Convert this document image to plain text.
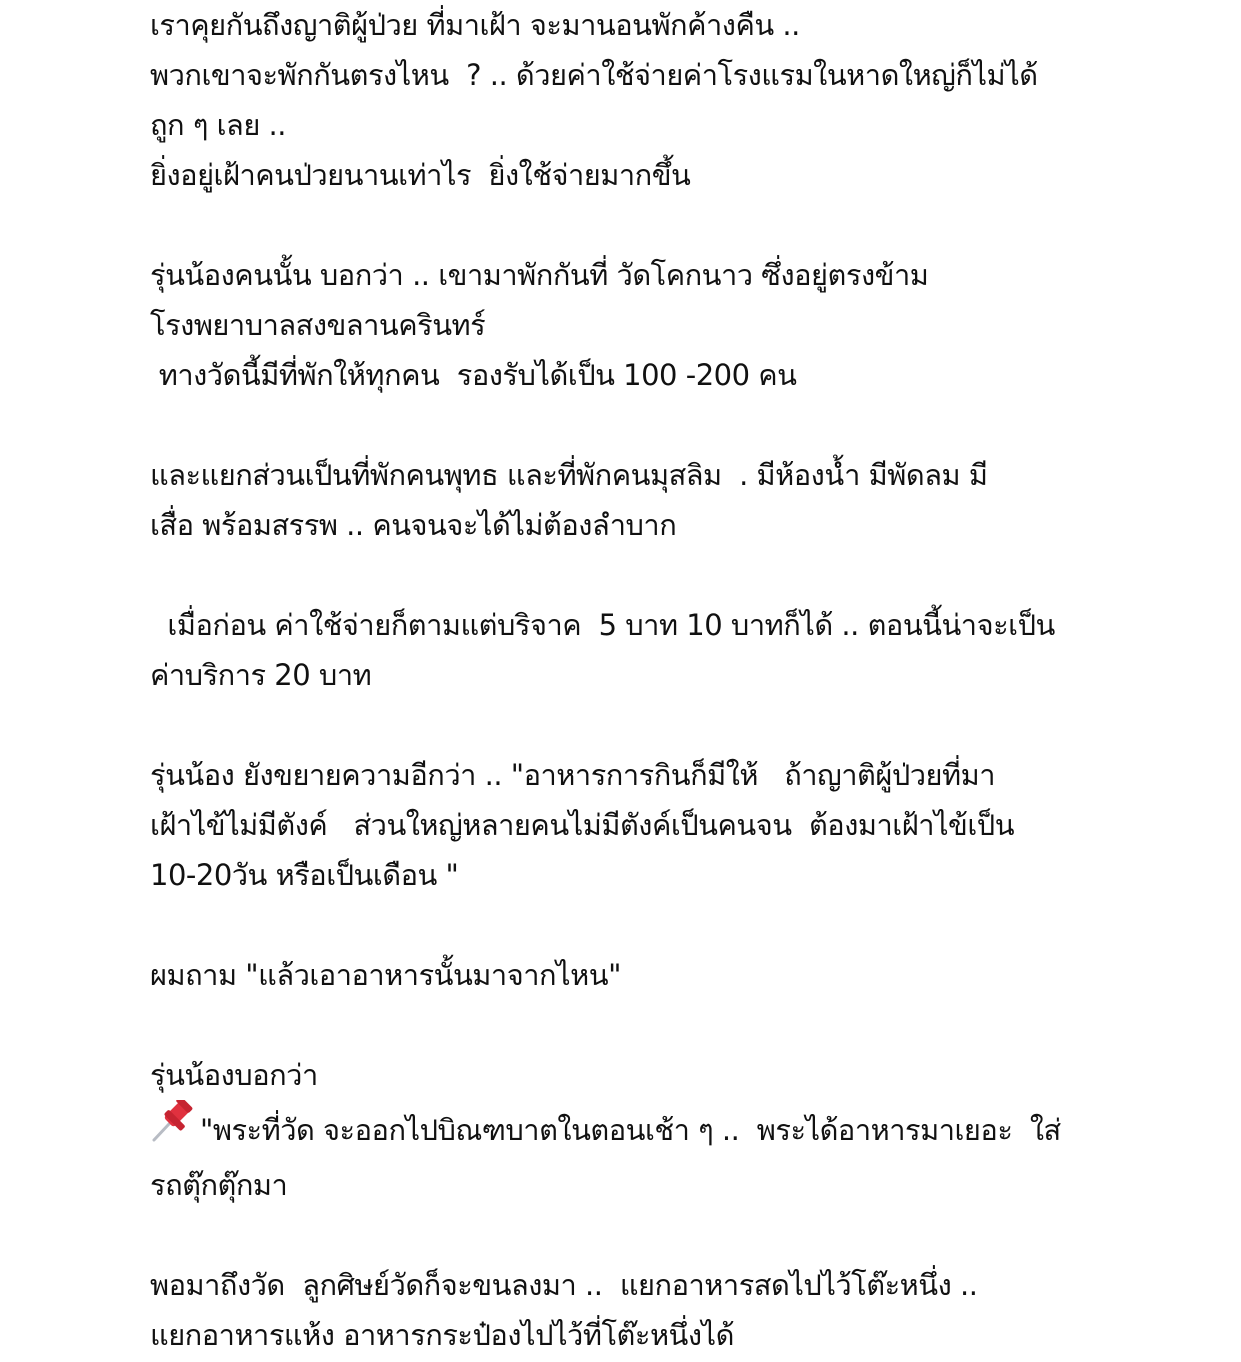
เราคุยกันถึงญาติผู้ป่วย ที่มาเฝ้า จะมานอนพักค้างคืน ..
พวกเขาจะพักกันตรงไหน  ? .. ด้วยค่าใช้จ่ายค่าโรงแรมในหาดใหญ่ก็ไม่ได้
ถูก ๆ เลย ..
ยิ่งอยู่เฝ้าคนป่วยนานเท่าไร  ยิ่งใช้จ่ายมากขึ้น
รุ่นน้องคนนั้น บอกว่า .. เขามาพักกันที่ วัดโคกนาว ซึ่งอยู่ตรงข้าม
โรงพยาบาลสงขลานครินทร์
ทางวัดนี้มีที่พักให้ทุกคน  รองรับได้เป็น 100 -200 คน
และแยกส่วนเป็นที่พักคนพุทธ และที่พักคนมุสลิม  . มีห้องน้ำ มีพัดลม มี
เสื่อ พร้อมสรรพ .. คนจนจะได้ไม่ต้องลำบาก
เมื่อก่อน ค่าใช้จ่ายก็ตามแต่บริจาค  5 บาท 10 บาทก็ได้ .. ตอนนี้น่าจะเป็น
ค่าบริการ 20 บาท
รุ่นน้อง ยังขยายความอีกว่า .. "อาหารการกินก็มีให้   ถ้าญาติผู้ป่วยที่มา
เฝ้าไข้ไม่มีตังค์   ส่วนใหญ่หลายคนไม่มีตังค์เป็นคนจน  ต้องมาเฝ้าไข้เป็น
10-20วัน หรือเป็นเดือน "
ผมถาม "แล้วเอาอาหารนั้นมาจากไหน"
รุ่นน้องบอกว่า
"พระที่วัด จะออกไปบิณฑบาตในตอนเช้า ๆ ..  พระได้อาหารมาเยอะ  ใส่
รถตุ๊กตุ๊กมา
พอมาถึงวัด  ลูกศิษย์วัดก็จะขนลงมา ..  แยกอาหารสดไปไว้โต๊ะหนึ่ง ..
แยกอาหารแห้ง อาหารกระป๋องไปไว้ที่โต๊ะหนึ่งได้
